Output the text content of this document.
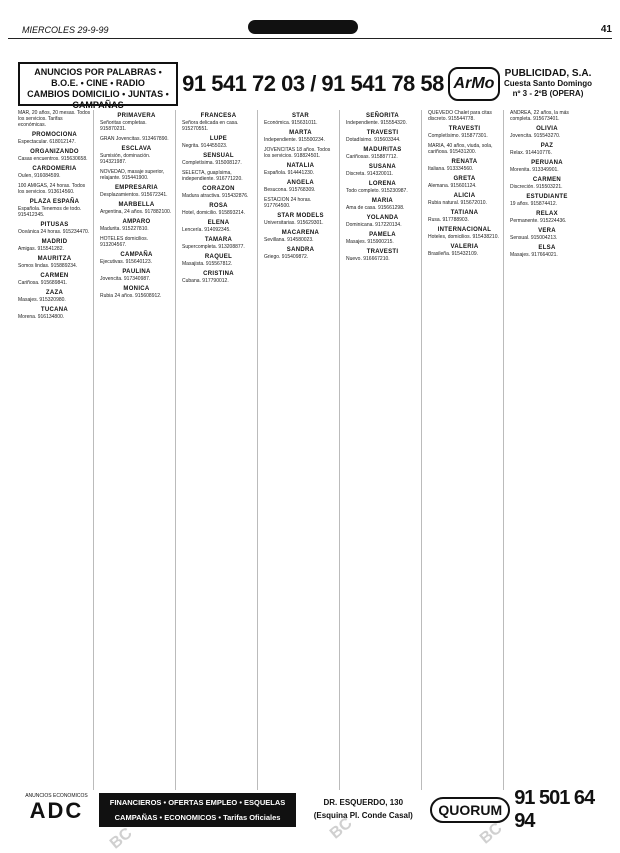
MIERCOLES 29-9-99	41
ANUNCIOS POR PALABRAS • B.O.E. • CINE • RADIO
CAMBIOS DOMICILIO • JUNTAS • CAMPAÑAS
91 541 72 03 / 91 541 78 58 ArMo
PUBLICIDAD, S.A.
Cuesta Santo Domingo
nº 3 - 2ºB (OPERA)
MAR, 20 años, 20 mesas. Todos los servicios. Tarifas económicas.
PROMOCIONA
Espectacular. 618012147.
ORGANIZANDO
Casas encuentros. 915630658.
CARDOMERIA
Oulen, 916084599.
100 AMIGAS, 24 horas. Todos los servicios. 913614560.
PLAZA ESPAÑA
Española. Tenemos de todo. 915412345.
PITUSAS
Oceánica 24 horas. 915234470.
MADRID
Amigas. 915541282.
MAURITZA
Somos lindas. 915889234.
CARMEN
Cariñosa. 915689841.
ZAZA
Masajes. 915320980.
TUCANA
Morena. 916134800.
PRIMAVERA
Señoritas completas. 915870231.
GRAN Jovencitas. 913467890.
ESCLAVA
Sumisión, dominación. 914321987.
NOVEDAD, masaje superior, relajante. 915441900.
EMPRESARIA
Desplazamientos. 915672341.
MARBELLA
Argentina, 24 años. 917882100.
AMPARO
Madurita. 915227810.
HOTELES domicilios. 913204567.
CAMPAÑA
Ejecutivas. 915640123.
PAULINA
Jovencita. 917340987.
MONICA
Rubia 24 años. 915608912.
FRANCESA
Señora delicada en casa. 915270551.
LUPE
Negrita. 914455023.
SENSUAL
Completísima. 915008127.
SELECTA, guapísima, independiente. 916771220.
CORAZON
Madura atractiva. 915432876.
ROSA
Hotel, domicilio. 915893214.
ELENA
Lencería. 914092345.
TAMARA
Supercompleta. 913208877.
RAQUEL
Masajista. 915567812.
CRISTINA
Cubana. 917790012.
STAR
Económica. 915631011.
MARTA
Independiente. 915500234.
JOVENCITAS 18 años. Todos los servicios. 918824501.
NATALIA
Española. 914441230.
ANGELA
Besucona. 915768309.
ESTACION 24 horas. 917764500.
STAR MODELS
Universitarias. 915629301.
MACARENA
Sevillana. 914580023.
SANDRA
Griego. 915409872.
SEÑORITA
Independiente. 915554320.
TRAVESTI
Dotadísimo. 915603344.
MADURITAS
Cariñosas. 915887712.
SUSANA
Discreta. 914320011.
LORENA
Todo completo. 915230987.
MARIA
Ama de casa. 915661298.
YOLANDA
Dominicana. 917220134.
PAMELA
Masajes. 915900215.
TRAVESTI
Nuevo. 916667210.
QUEVEDO Chalet para citas discreto. 915544778.
TRAVESTI
Completísimo. 915877301.
MARIA, 40 años, viuda, sola, cariñosa. 915431200.
RENATA
Italiana. 913334560.
GRETA
Alemana. 915601124.
ALICIA
Rubia natural. 915672010.
TATIANA
Rusa. 917788903.
INTERNACIONAL
Hoteles, domicilios. 915438210.
VALERIA
Brasileña. 915432109.
ANDREA, 22 años, la más completa. 915673401.
OLIVIA
Jovencita. 915543270.
PAZ
Relax. 914410776.
PERUANA
Morenita. 913349901.
CARMEN
Discreción. 915503221.
ESTUDIANTE
19 años. 915874412.
RELAX
Permanente. 915224436.
VERA
Sensual. 915004213.
ELSA
Masajes. 917664021.
ANUNCIOS ECONOMICOS
ADC	FINANCIEROS • OFERTAS EMPLEO • ESQUELAS
CAMPAÑAS • ECONOMICOS • Tarifas Oficiales
DR. ESQUERDO, 130
(Esquina Pl. Conde Casal)	QUORUM
91 501 64 94
BC	BC
BC
